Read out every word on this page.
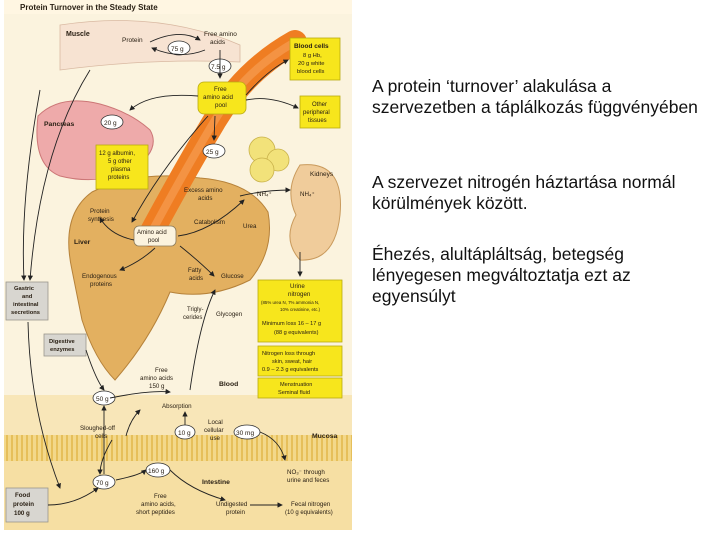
Protein Turnover in the Steady State
Muscle
Protein
75 g
Free amino
acids
7.5 g
Blood cells
8 g Hb,
20 g white
blood cells
Free
amino acid
pool	Other
peripheral
tissues
Pancreas	20 g
12 g albumin,
5 g other
plasma
proteins
25 g
Kidneys
Excess amino
acids
NH₄⁺	NH₄⁺
Protein
synthesis
Amino acid
pool
Catabolism
Urea
Liver
Fatty
acids	Glucose
Trigly-
cerides Glycogen
Endogenous
proteins
Gastric
and
intestinal
secretions
Urine
nitrogen
(85% urea N, 7% ammonia N,
10% creatinine, etc.)
Minimum loss 16 – 17 g
(88 g equivalents)
Nitrogen loss through
skin, sweat, hair
0.9 – 2.3 g equivalents
Menstruation
Seminal fluid
Digestive
enzymes
Free
amino acids
150 g	Blood
50 g
Absorption
Sloughed-off
cells	10 g
Local
cellular
use
30 mg	Mucosa
160 g
Intestine
NO₃⁻ through
urine and feces
70 g
Food
protein
100 g
Free
amino acids,
short peptides
Undigested
protein
Fecal nitrogen
(10 g equivalents)
A protein ‘turnover’ alakulása a szervezetben a táplálkozás függvényében
A szervezet nitrogén háztartása normál körülmények között.
Éhezés, alultápláltság, betegség lényegesen megváltoztatja ezt az egyensúlyt
